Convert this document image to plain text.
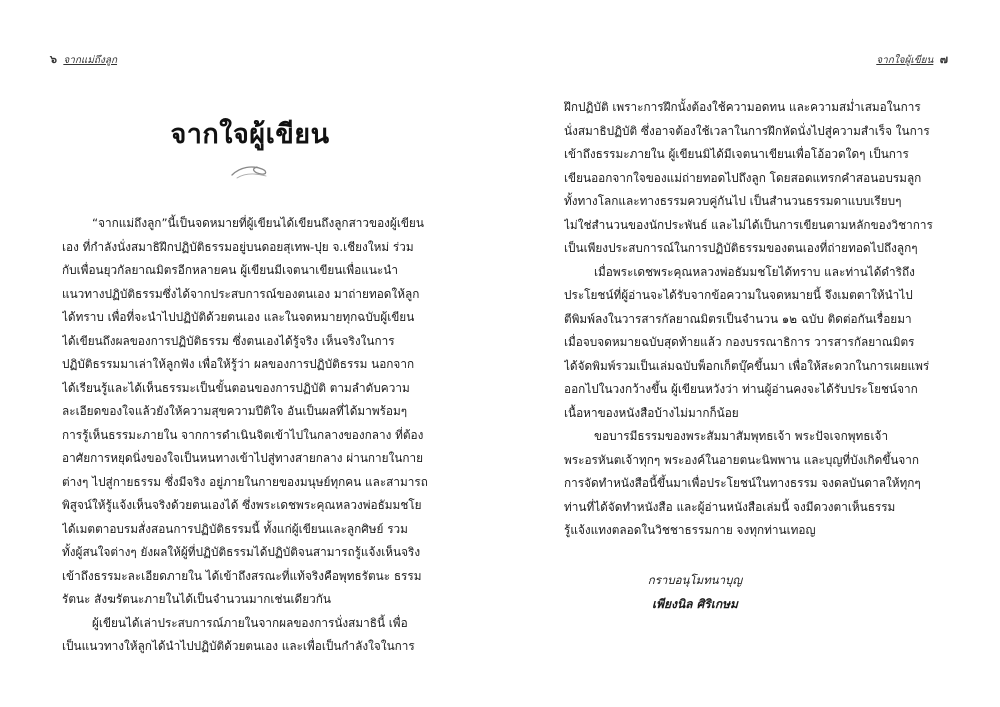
๖ จากแม่ถึงลูก
จากใจผู้เขียน
“จากแม่ถึงลูก”นี้เป็นจดหมายที่ผู้เขียนได้เขียนถึงลูกสาวของผู้เขียน
เอง ที่กำลังนั่งสมาธิฝึกปฏิบัติธรรมอยู่บนดอยสุเทพ-ปุย จ.เชียงใหม่ ร่วม
กับเพื่อนยุวกัลยาณมิตรอีกหลายคน ผู้เขียนมีเจตนาเขียนเพื่อแนะนำ
แนวทางปฏิบัติธรรมซึ่งได้จากประสบการณ์ของตนเอง มาถ่ายทอดให้ลูก
ได้ทราบ เพื่อที่จะนำไปปฏิบัติด้วยตนเอง และในจดหมายทุกฉบับผู้เขียน
ได้เขียนถึงผลของการปฏิบัติธรรม ซึ่งตนเองได้รู้จริง เห็นจริงในการ
ปฏิบัติธรรมมาเล่าให้ลูกฟัง เพื่อให้รู้ว่า ผลของการปฏิบัติธรรม นอกจาก
ได้เรียนรู้และได้เห็นธรรมะเป็นขั้นตอนของการปฏิบัติ ตามลำดับความ
ละเอียดของใจแล้วยังให้ความสุขความปีติใจ อันเป็นผลที่ได้มาพร้อมๆ
การรู้เห็นธรรมะภายใน จากการดำเนินจิตเข้าไปในกลางของกลาง ที่ต้อง
อาศัยการหยุดนิ่งของใจเป็นหนทางเข้าไปสู่ทางสายกลาง ผ่านกายในกาย
ต่างๆ ไปสู่กายธรรม ซึ่งมีจริง อยู่ภายในกายของมนุษย์ทุกคน และสามารถ
พิสูจน์ให้รู้แจ้งเห็นจริงด้วยตนเองได้ ซึ่งพระเดชพระคุณหลวงพ่อธัมมชโย
ได้เมตตาอบรมสั่งสอนการปฏิบัติธรรมนี้ ทั้งแก่ผู้เขียนและลูกศิษย์ รวม
ทั้งผู้สนใจต่างๆ ยังผลให้ผู้ที่ปฏิบัติธรรมได้ปฏิบัติจนสามารถรู้แจ้งเห็นจริง
เข้าถึงธรรมะละเอียดภายใน ได้เข้าถึงสรณะที่แท้จริงคือพุทธรัตนะ ธรรม
รัตนะ สังฆรัตนะภายในได้เป็นจำนวนมากเช่นเดียวกัน
ผู้เขียนได้เล่าประสบการณ์ภายในจากผลของการนั่งสมาธินี้ เพื่อ
เป็นแนวทางให้ลูกได้นำไปปฏิบัติด้วยตนเอง และเพื่อเป็นกำลังใจในการ
จากใจผู้เขียน ๗
ฝึกปฏิบัติ เพราะการฝึกนั้งต้องใช้ความอดทน และความสม่ำเสมอในการ
นั่งสมาธิปฏิบัติ ซึ่งอาจต้องใช้เวลาในการฝึกหัดนั่งไปสู่ความสำเร็จ ในการ
เข้าถึงธรรมะภายใน ผู้เขียนมิได้มีเจตนาเขียนเพื่อโอ้อวดใดๆ เป็นการ
เขียนออกจากใจของแม่ถ่ายทอดไปถึงลูก โดยสอดแทรกคำสอนอบรมลูก
ทั้งทางโลกและทางธรรมควบคู่กันไป เป็นสำนวนธรรมดาแบบเรียบๆ
ไม่ใช่สำนวนของนักประพันธ์ และไม่ได้เป็นการเขียนตามหลักของวิชาการ
เป็นเพียงประสบการณ์ในการปฏิบัติธรรมของตนเองที่ถ่ายทอดไปถึงลูกๆ
เมื่อพระเดชพระคุณหลวงพ่อธัมมชโยได้ทราบ และท่านได้ดำริถึง
ประโยชน์ที่ผู้อ่านจะได้รับจากข้อความในจดหมายนี้ จึงเมตตาให้นำไป
ตีพิมพ์ลงในวารสารกัลยาณมิตรเป็นจำนวน ๑๒ ฉบับ ติดต่อกันเรื่อยมา
เมื่อจบจดหมายฉบับสุดท้ายแล้ว กองบรรณาธิการ วารสารกัลยาณมิตร
ได้จัดพิมพ์รวมเป็นเล่มฉบับพ็อกเก็ตบุ๊คขึ้นมา เพื่อให้สะดวกในการเผยแพร่
ออกไปในวงกว้างขึ้น ผู้เขียนหวังว่า ท่านผู้อ่านคงจะได้รับประโยชน์จาก
เนื้อหาของหนังสือบ้างไม่มากก็น้อย
ขอบารมีธรรมของพระสัมมาสัมพุทธเจ้า พระปัจเจกพุทธเจ้า
พระอรหันตเจ้าทุกๆ พระองค์ในอายตนะนิพพาน และบุญที่บังเกิดขึ้นจาก
การจัดทำหนังสือนี้ขึ้นมาเพื่อประโยชน์ในทางธรรม จงดลบันดาลให้ทุกๆ
ท่านที่ได้จัดทำหนังสือ และผู้อ่านหนังสือเล่มนี้ จงมีดวงตาเห็นธรรม
รู้แจ้งแทงตลอดในวิชชาธรรมกาย จงทุกท่านเทอญ
กราบอนุโมทนาบุญ
เพียงนิล ศิริเกษม
